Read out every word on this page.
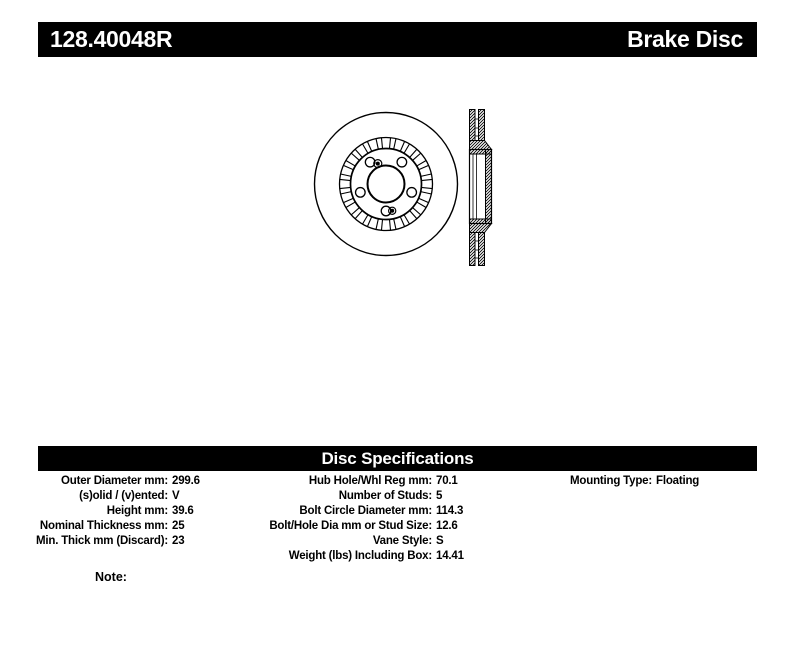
128.40048R	Brake Disc
Disc Specifications
Outer Diameter mm: 299.6
(s)olid / (v)ented: V
Height mm: 39.6
Nominal Thickness mm: 25
Min. Thick mm (Discard): 23
Hub Hole/Whl Reg mm: 70.1
Number of Studs: 5
Bolt Circle Diameter mm: 114.3
Bolt/Hole Dia mm or Stud Size: 12.6
Vane Style: S
Weight (lbs) Including Box: 14.41
Mounting Type: Floating
Note:
